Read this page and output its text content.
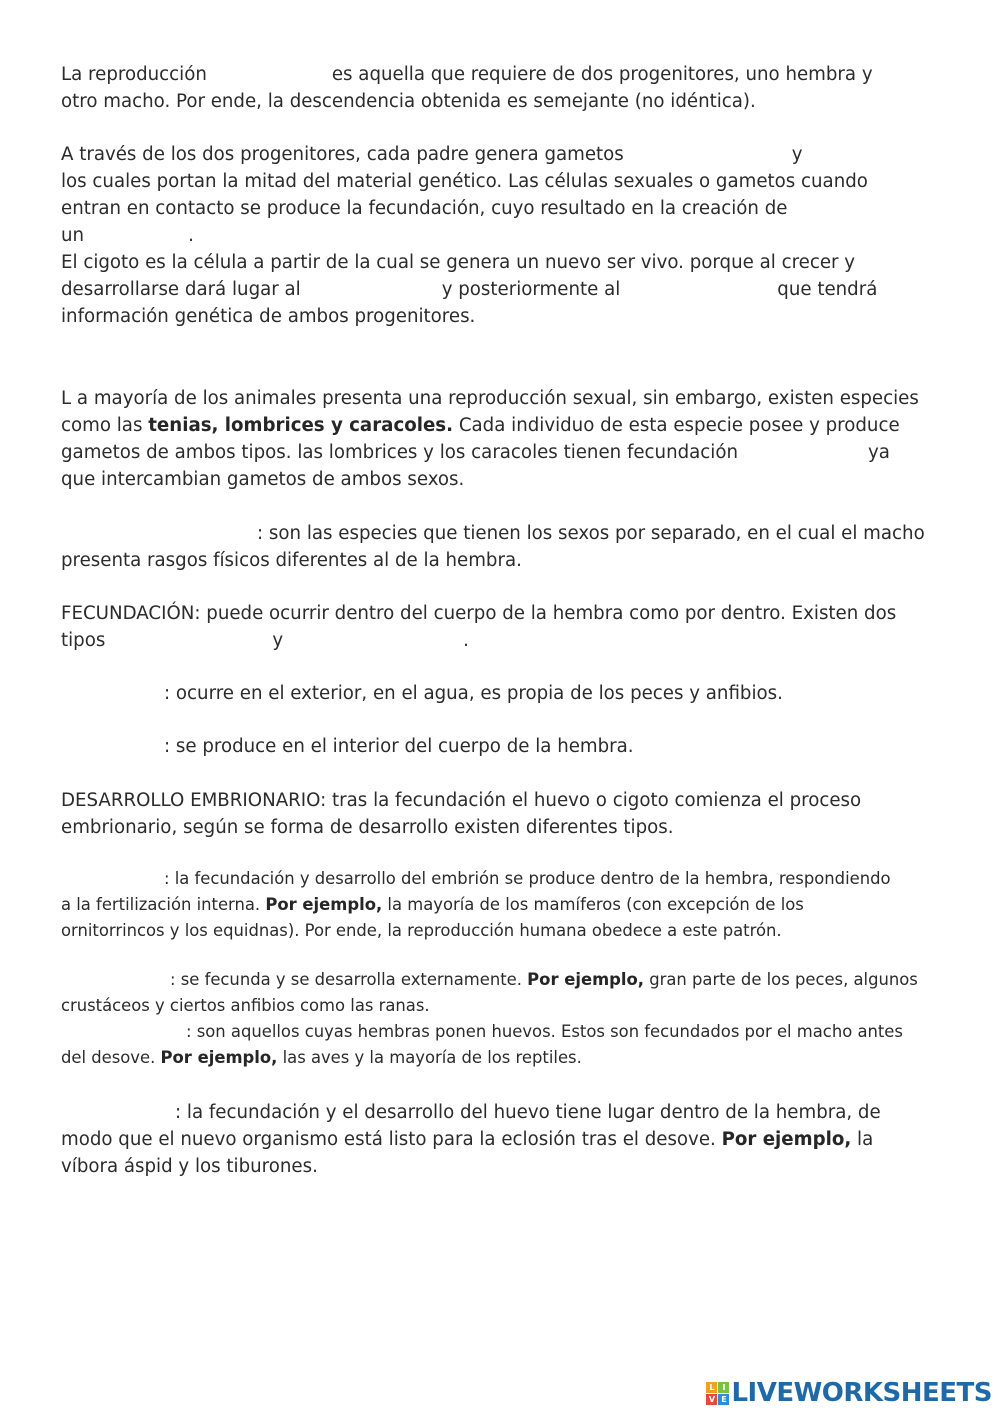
La reproducción	es aquella que requiere de dos progenitores, uno hembra y
otro macho. Por ende, la descendencia obtenida es semejante (no idéntica).
A través de los dos progenitores, cada padre genera gametos	y
los cuales portan la mitad del material genético. Las células sexuales o gametos cuando
entran en contacto se produce la fecundación, cuyo resultado en la creación de
un	.
El cigoto es la célula a partir de la cual se genera un nuevo ser vivo. porque al crecer y
desarrollarse dará lugar al	y posteriormente al	que tendrá
información genética de ambos progenitores.
L a mayoría de los animales presenta una reproducción sexual, sin embargo, existen especies
como las tenias, lombrices y caracoles. Cada individuo de esta especie posee y produce
gametos de ambos tipos. las lombrices y los caracoles tienen fecundación	ya
que intercambian gametos de ambos sexos.
: son las especies que tienen los sexos por separado, en el cual el macho
presenta rasgos físicos diferentes al de la hembra.
FECUNDACIÓN: puede ocurrir dentro del cuerpo de la hembra como por dentro. Existen dos
tipos	y	.
: ocurre en el exterior, en el agua, es propia de los peces y anfibios.
: se produce en el interior del cuerpo de la hembra.
DESARROLLO EMBRIONARIO: tras la fecundación el huevo o cigoto comienza el proceso
embrionario, según se forma de desarrollo existen diferentes tipos.
: la fecundación y desarrollo del embrión se produce dentro de la hembra, respondiendo
a la fertilización interna. Por ejemplo, la mayoría de los mamíferos (con excepción de los
ornitorrincos y los equidnas). Por ende, la reproducción humana obedece a este patrón.
: se fecunda y se desarrolla externamente. Por ejemplo, gran parte de los peces, algunos
crustáceos y ciertos anfibios como las ranas.
: son aquellos cuyas hembras ponen huevos. Estos son fecundados por el macho antes
del desove. Por ejemplo, las aves y la mayoría de los reptiles.
: la fecundación y el desarrollo del huevo tiene lugar dentro de la hembra, de
modo que el nuevo organismo está listo para la eclosión tras el desove. Por ejemplo, la
víbora áspid y los tiburones.
L I
V E LIVEWORKSHEETS
